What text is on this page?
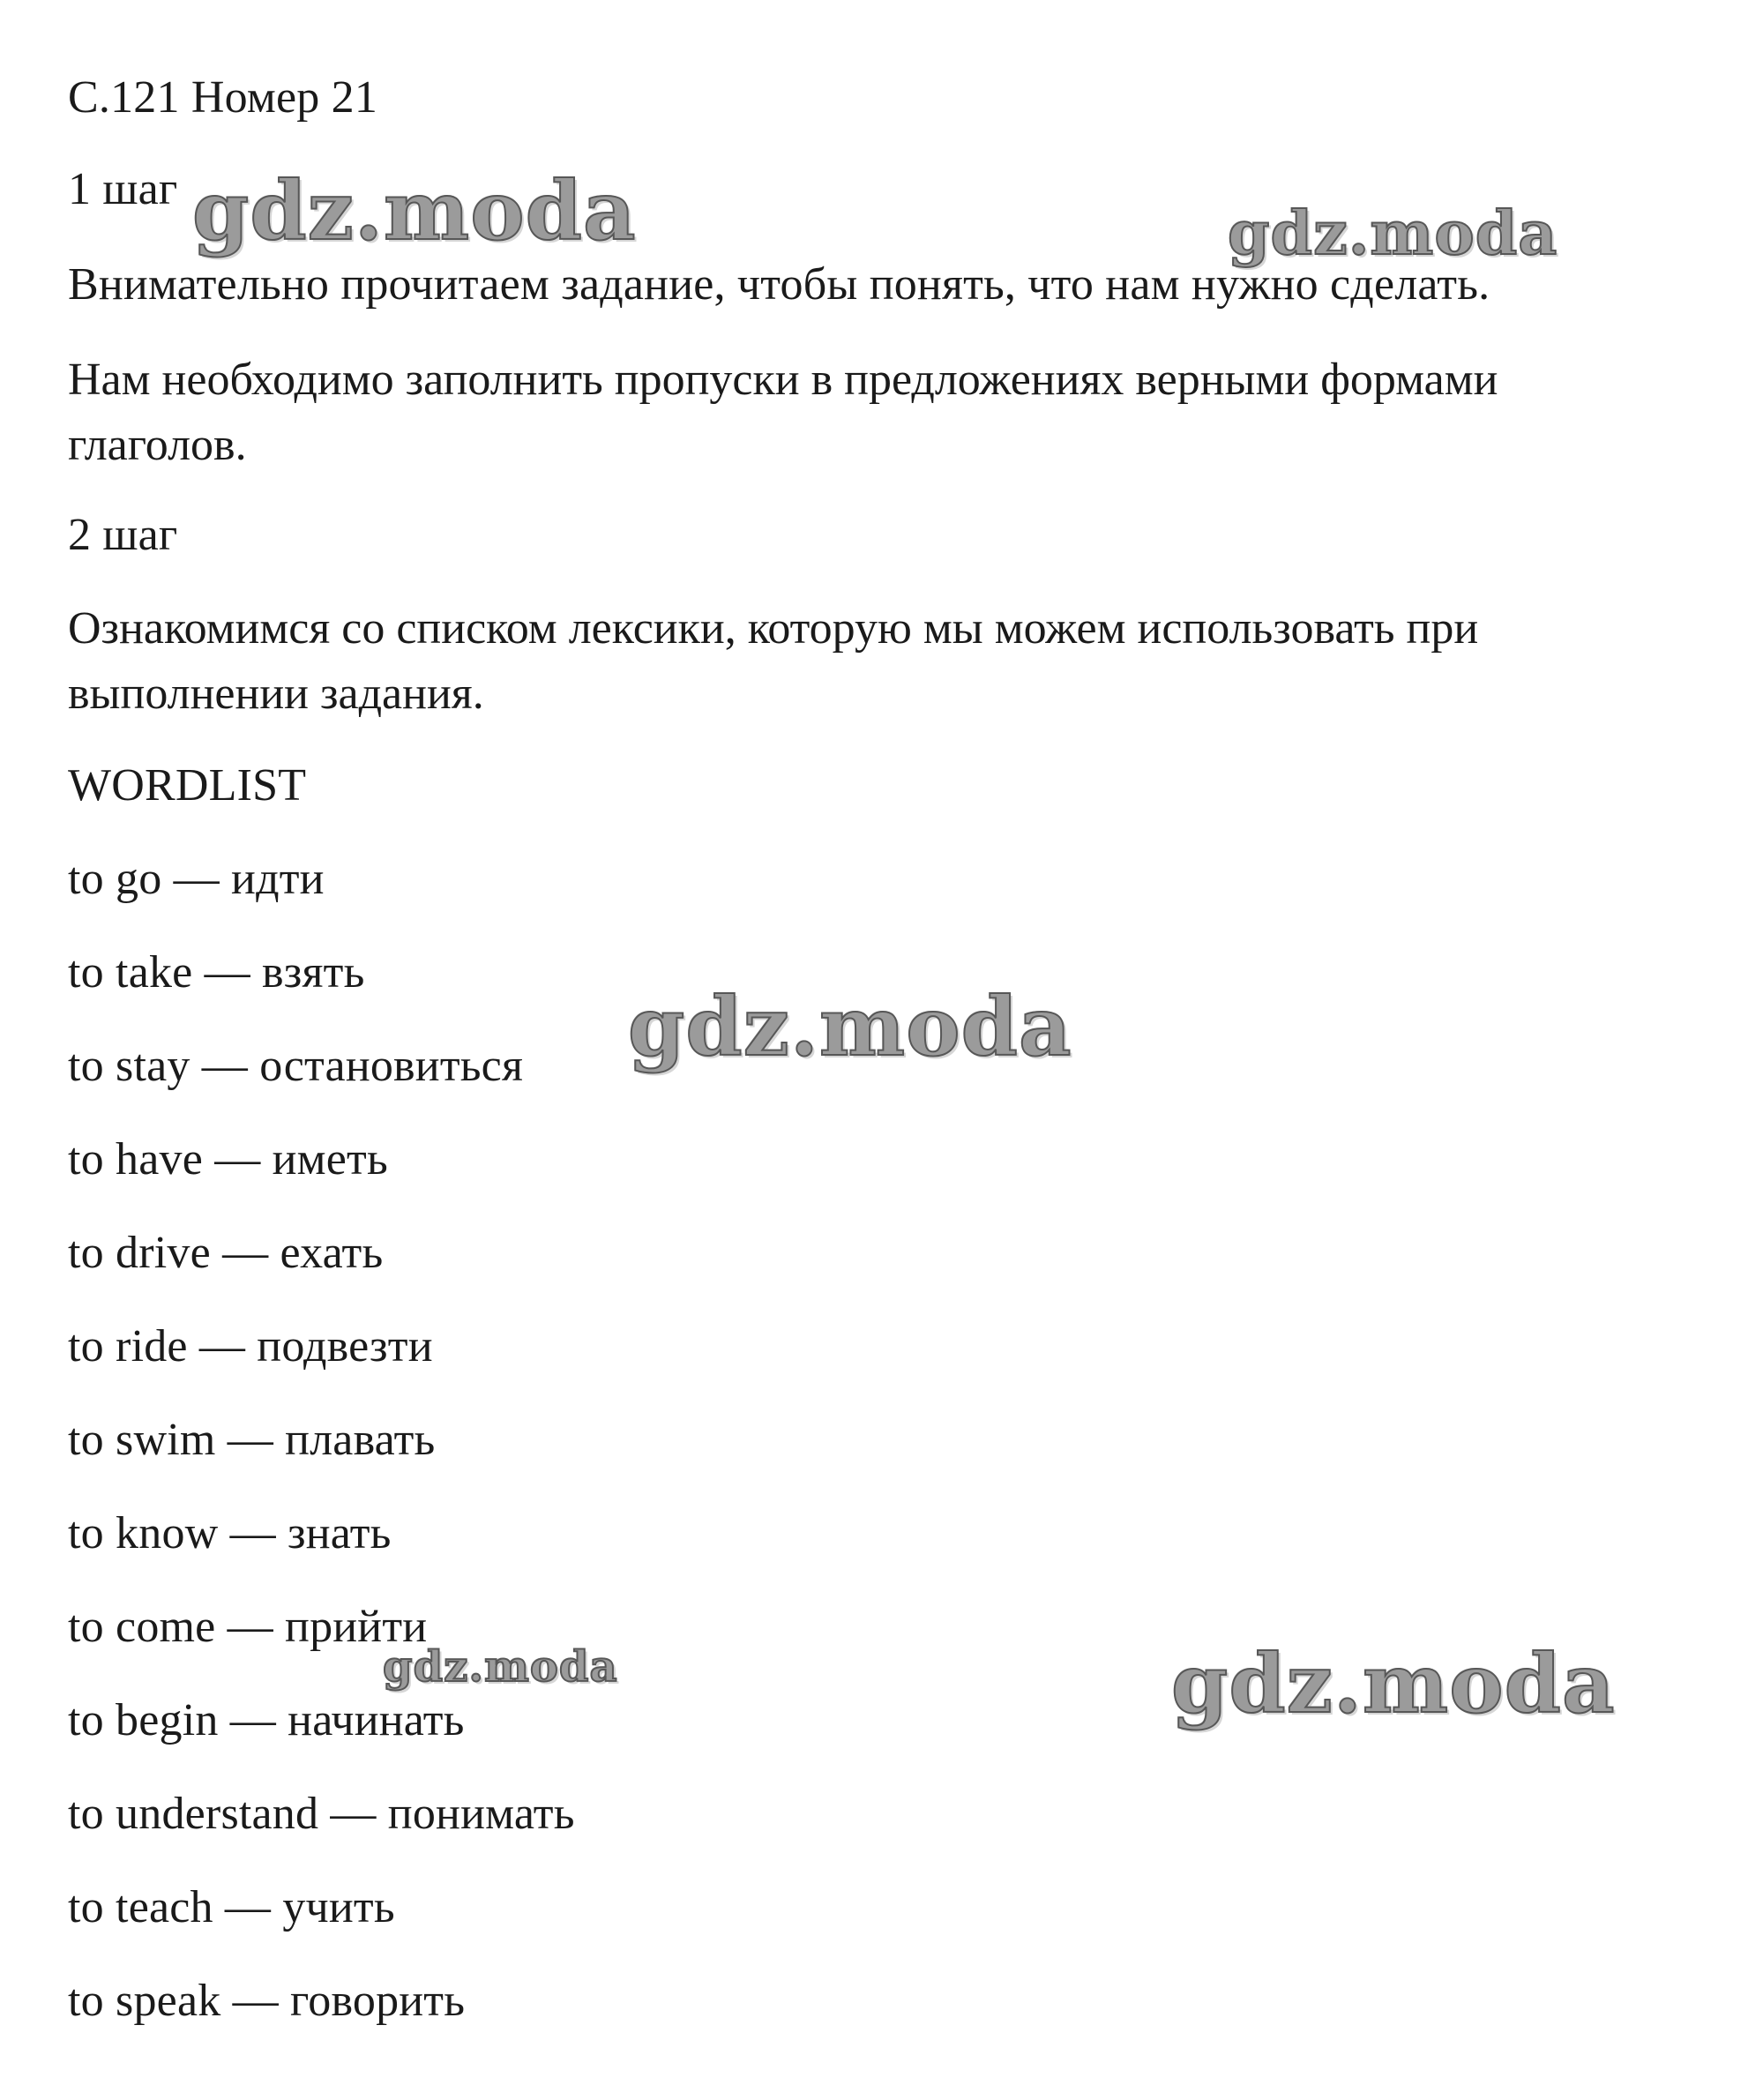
С.121 Номер 21
1 шаг
Внимательно прочитаем задание, чтобы понять, что нам нужно сделать.
Нам необходимо заполнить пропуски в предложениях верными формами
глаголов.
2 шаг
Ознакомимся со списком лексики, которую мы можем использовать при
выполнении задания.
WORDLIST
to go — идти
to take — взять
to stay — остановиться
to have — иметь
to drive — ехать
to ride — подвезти
to swim — плавать
to know — знать
to come — прийти
to begin — начинать
to understand — понимать
to teach — учить
to speak — говорить
gdz.moda	gdz.moda
gdz.moda
gdz.moda	gdz.moda
